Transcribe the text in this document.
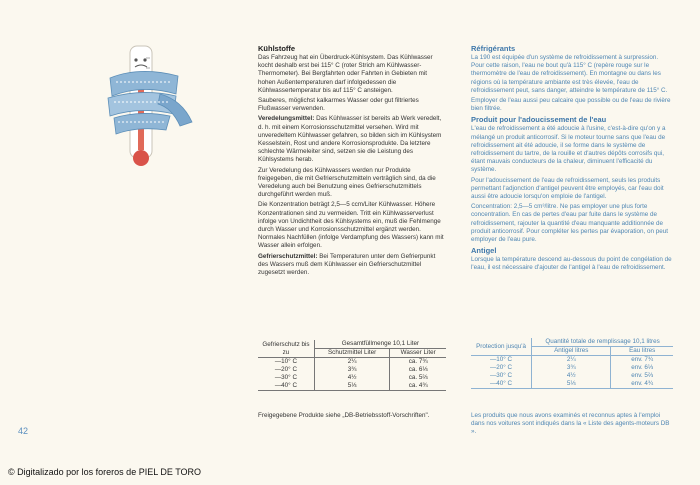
Kühlstoffe

Das Fahrzeug hat ein Überdruck-Kühlsystem. Das Kühlwasser kocht deshalb erst bei 115° C (roter Strich am Kühlwasser-Thermometer). Bei Bergfahrten oder Fahrten in Gebieten mit hohen Außentemperaturen darf infolgedessen die Kühlwassertemperatur bis auf 115° C ansteigen.

Sauberes, möglichst kalkarmes Wasser oder gut filtriertes Flußwasser verwenden.

Veredelungsmittel: Das Kühlwasser ist bereits ab Werk veredelt, d. h. mit einem Korrosionsschutzmittel versehen. Wird mit unveredeltem Kühlwasser gefahren, so bilden sich im Kühlsystem Kesselstein, Rost und andere Korrosionsprodukte. Da letztere schlechte Wärmeleiter sind, setzen sie die Leistung des Kühlsystems herab.

Zur Veredelung des Kühlwassers werden nur Produkte freigegeben, die mit Gefrierschutzmitteln verträglich sind, da die Veredelung auch bei Benutzung eines Gefrierschutzmittels durchgeführt werden muß.

Die Konzentration beträgt 2,5—5 ccm/Liter Kühlwasser. Höhere Konzentrationen sind zu vermeiden. Tritt ein Kühlwasserverlust infolge von Undichtheit des Kühlsystems ein, muß die Fehlmenge durch Wasser und Korrosionsschutzmittel ergänzt werden. Normales Nachfüllen (infolge Verdampfung des Wassers) kann mit Wasser allein erfolgen.

Gefrierschutzmittel: Bei Temperaturen unter dem Gefrierpunkt des Wassers muß dem Kühlwasser ein Gefrierschutzmittel zugesetzt werden.

Gefrierschutz bis zu	Gesamtfüllmenge 10,1 Liter	
	Schutzmittel Liter	Wasser Liter
—10° C	2¼	ca. 7¾
—20° C	3¾	ca. 6⅓
—30° C	4½	ca. 5⅔
—40° C	5⅓	ca. 4¾
Freigegebene Produkte siehe „DB-Betriebsstoff-Vorschriften".
Réfrigérants

La 190 est équipée d'un système de refroidissement à surpression. Pour cette raison, l'eau ne bout qu'à 115° C (repère rouge sur le thermomètre de l'eau de refroidissement). En montagne ou dans les régions où la température ambiante est très élevée, l'eau de refroidissement peut, sans danger, atteindre le température de 115° C.

Employer de l'eau aussi peu calcaire que possible ou de l'eau de rivière bien filtrée.

Produit pour l'adoucissement de l'eau

L'eau de refroidissement a été adoucie à l'usine, c'est-à-dire qu'on y a mélangé un produit anticorrosif. Si le moteur tourne sans que l'eau de refroidissement ait été adoucie, il se forme dans le système de refroidissement du tartre, de la rouille et d'autres dépôts corrosifs qui, étant mauvais conducteurs de la chaleur, diminuent l'efficacité du système.

Pour l'adoucissement de l'eau de refroidissement, seuls les produits permettant l'adjonction d'antigel peuvent être employés, car l'eau doit aussi être adoucie lorsqu'on emploie de l'antigel.

Concentration: 2,5—5 cm³/litre. Ne pas employer une plus forte concentration. En cas de pertes d'eau par fuite dans le système de refroidissement, rajouter la quantité d'eau manquante additionnée de produit anticorrosif. Pour compléter les pertes par évaporation, on peut employer de l'eau pure.

Antigel

Lorsque la température descend au-dessous du point de congélation de l'eau, il est nécessaire d'ajouter de l'antigel à l'eau de refroidissement.

Protection jusqu'à	Quantité totale de remplissage 10,1 litres	
	Antigel litres	Eau litres
—10° C	2¼	env. 7¾
—20° C	3¾	env. 6⅓
—30° C	4½	env. 5⅔
—40° C	5⅓	env. 4¾
Les produits que nous avons examinés et reconnus aptes à l'emploi dans nos voitures sont indiqués dans la « Liste des agents-moteurs DB ».
42
© Digitalizado por los foreros de PIEL DE TORO
